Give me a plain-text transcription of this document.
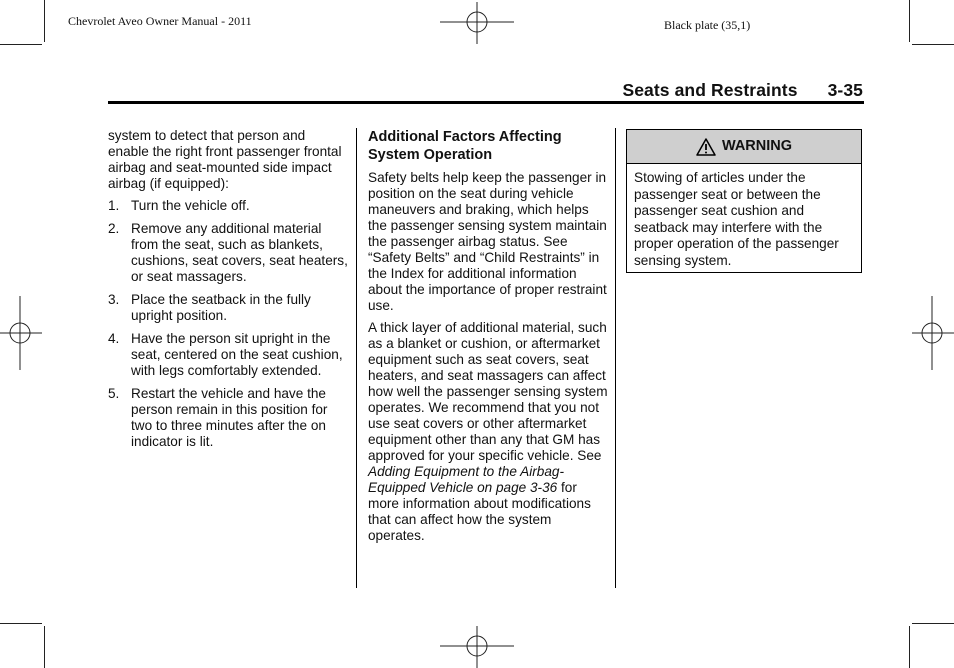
Chevrolet Aveo Owner Manual - 2011	Black plate (35,1)
Seats and Restraints 3-35

system to detect that person and enable the right front passenger frontal airbag and seat-mounted side impact airbag (if equipped):

1. Turn the vehicle off.
2. Remove any additional material from the seat, such as blankets, cushions, seat covers, seat heaters, or seat massagers.
3. Place the seatback in the fully upright position.
4. Have the person sit upright in the seat, centered on the seat cushion, with legs comfortably extended.
5. Restart the vehicle and have the person remain in this position for two to three minutes after the on indicator is lit.
Additional Factors Affecting System Operation

Safety belts help keep the passenger in position on the seat during vehicle maneuvers and braking, which helps the passenger sensing system maintain the passenger airbag status. See “Safety Belts” and “Child Restraints” in the Index for additional information about the importance of proper restraint use.

A thick layer of additional material, such as a blanket or cushion, or aftermarket equipment such as seat covers, seat heaters, and seat massagers can affect how well the passenger sensing system operates. We recommend that you not use seat covers or other aftermarket equipment other than any that GM has approved for your specific vehicle. See Adding Equipment to the Airbag-Equipped Vehicle on page 3-36 for more information about modifications that can affect how the system operates.

WARNING
Stowing of articles under the passenger seat or between the passenger seat cushion and seatback may interfere with the proper operation of the passenger sensing system.
